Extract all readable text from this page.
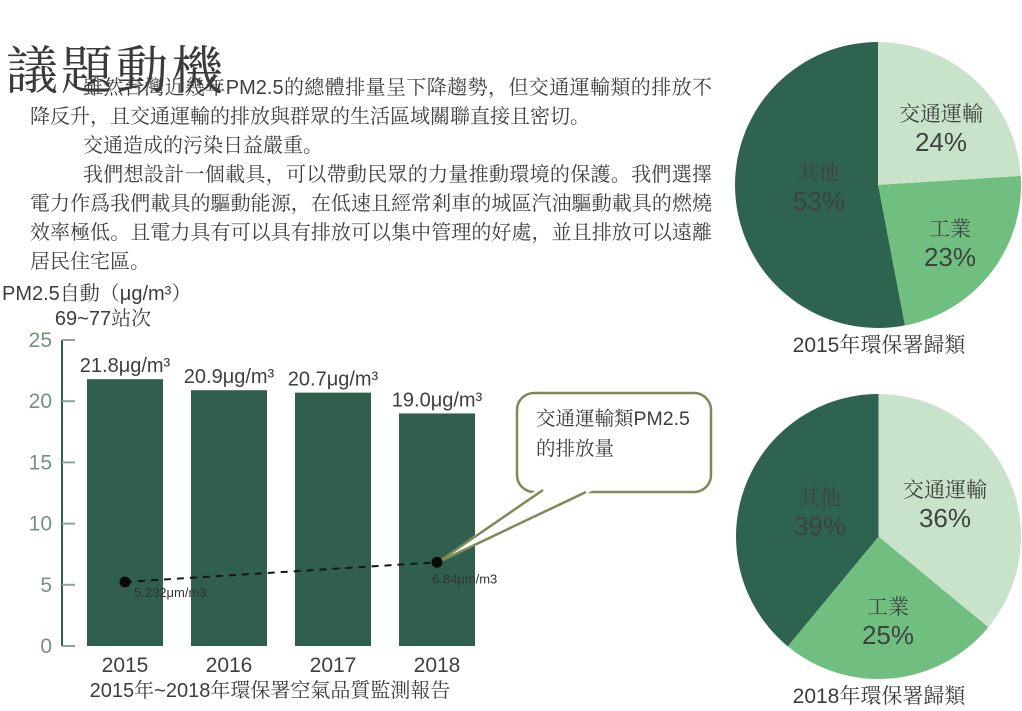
議題動機

雖然台灣近幾年PM2.5的總體排量呈下降趨勢，但交通運輸類的排放不降反升，且交通運輸的排放與群眾的生活區域關聯直接且密切。

交通造成的污染日益嚴重。

我們想設計一個載具，可以帶動民眾的力量推動環境的保護。我們選擇電力作爲我們載具的驅動能源，在低速且經常剎車的城區汽油驅動載具的燃燒效率極低。且電力具有可以具有排放可以集中管理的好處，並且排放可以遠離居民住宅區。

PM2.5自動（μg/m³）
69~77站次
21.8μg/m³
20.9μg/m³ 20.7μg/m³
19.0μg/m³
0
5
10
15
20
25
2015	2016	2017	2018
5.232μm/m3
6.84μm/m3
交通運輸類PM2.5
的排放量
2015年~2018年環保署空氣品質監測報告
交通運輸
24%
其他
53%
工業
23%
2015年環保署歸類
交通運輸
36%
其他
39%
工業
25%
2018年環保署歸類
